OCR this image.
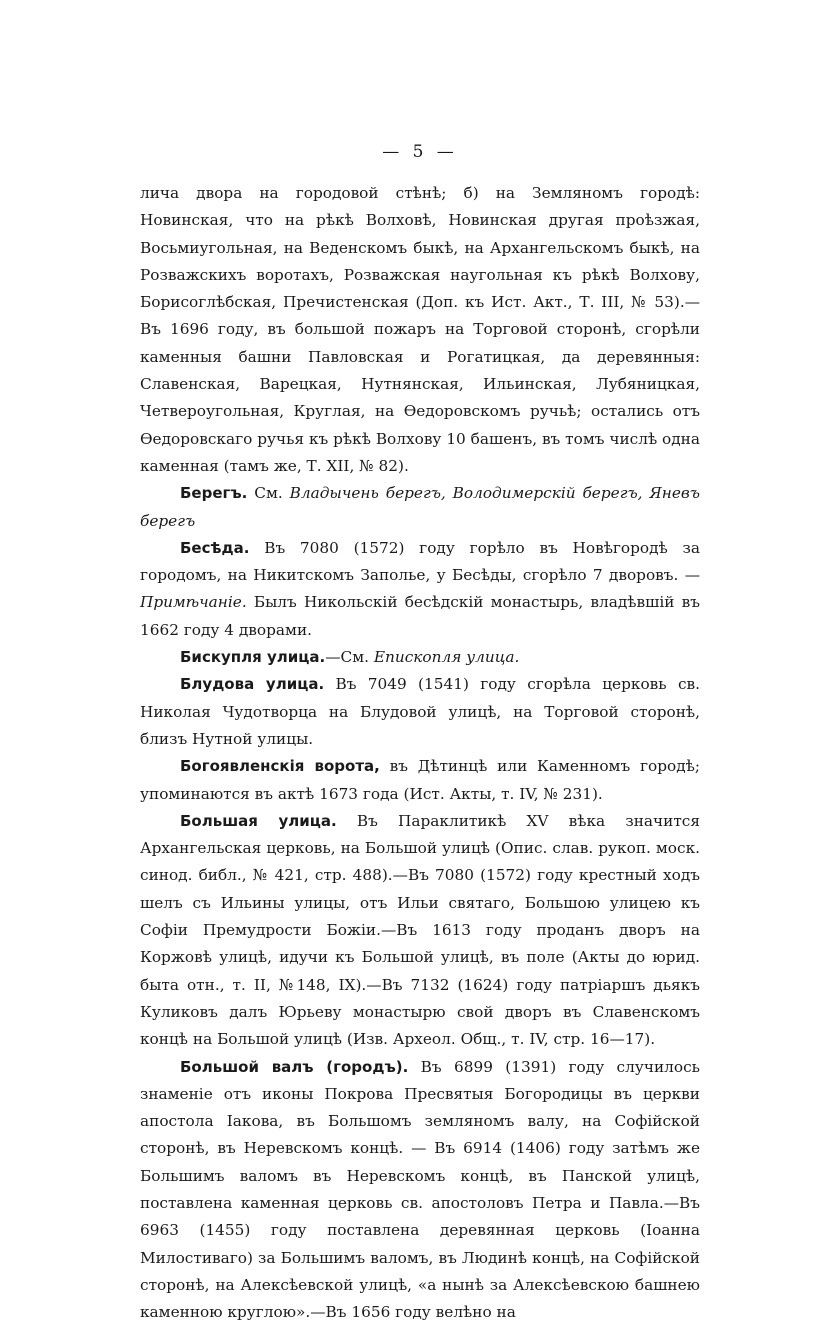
— 5 —

лича двора на городовой стѣнѣ; б) на Земляномъ городѣ: Новинская, что на рѣкѣ Волховѣ, Новинская другая проѣзжая, Восьмиугольная, на Веденскомъ быкѣ, на Архангельскомъ быкѣ, на Розважскихъ воротахъ, Розважская наугольная къ рѣкѣ Волхову, Борисоглѣбская, Пречистенская (Доп. къ Ист. Акт., Т. III, № 53).—Въ 1696 году, въ большой пожаръ на Торговой сторонѣ, сгорѣли каменныя башни Павловская и Рогатицкая, да деревянныя: Славенская, Варецкая, Нутнянская, Ильинская, Лубяницкая, Четвероугольная, Круглая, на Ѳедоровскомъ ручьѣ; остались отъ Ѳедоровскаго ручья къ рѣкѣ Волхову 10 башенъ, въ томъ числѣ одна каменная (тамъ же, Т. XII, № 82).

Берегъ. См. Владычень берегъ, Володимерскій берегъ, Яневъ берегъ

Бесѣда. Въ 7080 (1572) году горѣло въ Новѣгородѣ за городомъ, на Никитскомъ Заполье, у Бесѣды, сгорѣло 7 дворовъ. — Примѣчаніе. Былъ Никольскій бесѣдскій монастырь, владѣвшій въ 1662 году 4 дворами.

Бискупля улица.—См. Епископля улица.

Блудова улица. Въ 7049 (1541) году сгорѣла церковь св. Николая Чудотворца на Блудовой улицѣ, на Торговой сторонѣ, близъ Нутной улицы.

Богоявленскія ворота, въ Дѣтинцѣ или Каменномъ городѣ; упоминаются въ актѣ 1673 года (Ист. Акты, т. IV, № 231).

Большая улица. Въ Параклитикѣ XV вѣка значится Архангельская церковь, на Большой улицѣ (Опис. слав. рукоп. моск. синод. библ., № 421, стр. 488).—Въ 7080 (1572) году крестный ходъ шелъ съ Ильины улицы, отъ Ильи святаго, Большою улицею къ Софіи Премудрости Божіи.—Въ 1613 году проданъ дворъ на Коржовѣ улицѣ, идучи къ Большой улицѣ, въ поле (Акты до юрид. быта отн., т. II, №148, IX).—Въ 7132 (1624) году патріаршъ дьякъ Куликовъ далъ Юрьеву монастырю свой дворъ въ Славенскомъ концѣ на Большой улицѣ (Изв. Археол. Общ., т. IV, стр. 16—17).

Большой валъ (городъ). Въ 6899 (1391) году случилось знаменіе отъ иконы Покрова Пресвятыя Богородицы въ церкви апостола Іакова, въ Большомъ земляномъ валу, на Софійской сторонѣ, въ Неревскомъ концѣ. — Въ 6914 (1406) году затѣмъ же Большимъ валомъ въ Неревскомъ концѣ, въ Панской улицѣ, поставлена каменная церковь св. апостоловъ Петра и Павла.—Въ 6963 (1455) году поставлена деревянная церковь (Іоанна Милостиваго) за Большимъ валомъ, въ Людинѣ концѣ, на Софійской сторонѣ, на Алексѣевской улицѣ, «а нынѣ за Алексѣевскою башнею каменною круглою».—Въ 1656 году велѣно на
